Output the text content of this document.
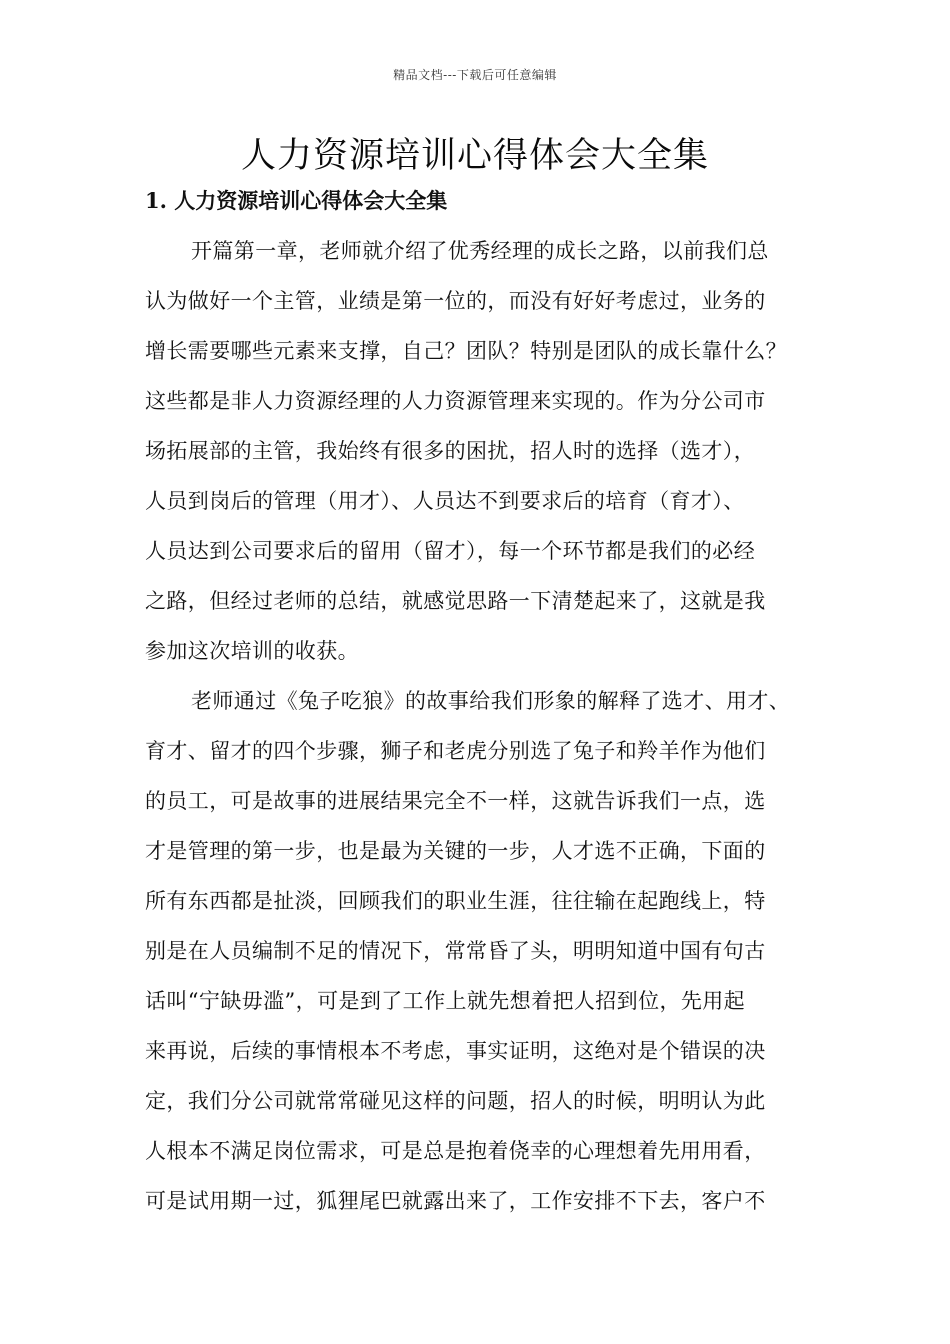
精品文档---下载后可任意编辑
人力资源培训心得体会大全集
1. 人力资源培训心得体会大全集
开篇第一章，老师就介绍了优秀经理的成长之路，以前我们总
认为做好一个主管，业绩是第一位的，而没有好好考虑过，业务的
增长需要哪些元素来支撑，自己？团队？特别是团队的成长靠什么？
这些都是非人力资源经理的人力资源管理来实现的。作为分公司市
场拓展部的主管，我始终有很多的困扰，招人时的选择（选才），
人员到岗后的管理（用才）、人员达不到要求后的培育（育才）、
人员达到公司要求后的留用（留才），每一个环节都是我们的必经
之路，但经过老师的总结，就感觉思路一下清楚起来了，这就是我
参加这次培训的收获。
老师通过《兔子吃狼》的故事给我们形象的解释了选才、用才、
育才、留才的四个步骤，狮子和老虎分别选了兔子和羚羊作为他们
的员工，可是故事的进展结果完全不一样，这就告诉我们一点，选
才是管理的第一步，也是最为关键的一步，人才选不正确，下面的
所有东西都是扯淡，回顾我们的职业生涯，往往输在起跑线上，特
别是在人员编制不足的情况下，常常昏了头，明明知道中国有句古
话叫“宁缺毋滥”，可是到了工作上就先想着把人招到位，先用起
来再说，后续的事情根本不考虑，事实证明，这绝对是个错误的决
定，我们分公司就常常碰见这样的问题，招人的时候，明明认为此
人根本不满足岗位需求，可是总是抱着侥幸的心理想着先用用看，
可是试用期一过，狐狸尾巴就露出来了，工作安排不下去，客户不
